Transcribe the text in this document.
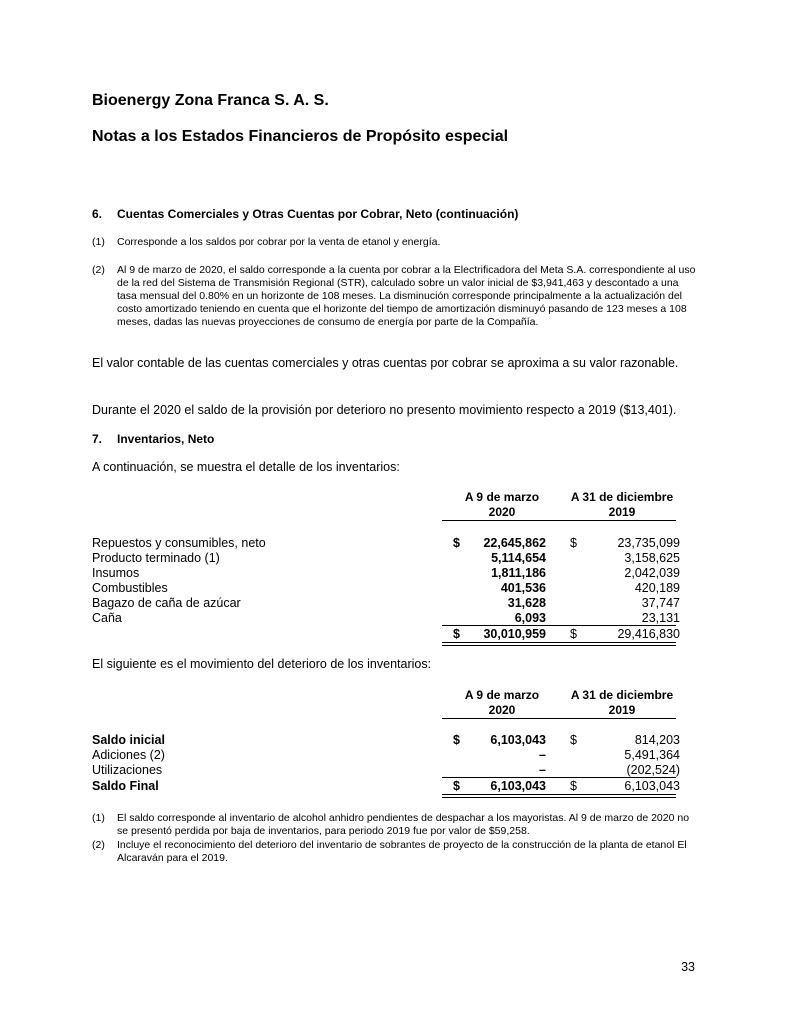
Bioenergy Zona Franca S. A. S.
Notas a los Estados Financieros de Propósito especial
6. Cuentas Comerciales y Otras Cuentas por Cobrar, Neto (continuación)
(1) Corresponde a los saldos por cobrar por la venta de etanol y energía.
(2) Al 9 de marzo de 2020, el saldo corresponde a la cuenta por cobrar a la Electrificadora del Meta S.A. correspondiente al uso de la red del Sistema de Transmisión Regional (STR), calculado sobre un valor inicial de $3,941,463 y descontado a una tasa mensual del 0.80% en un horizonte de 108 meses. La disminución corresponde principalmente a la actualización del costo amortizado teniendo en cuenta que el horizonte del tiempo de amortización disminuyó pasando de 123 meses a 108 meses, dadas las nuevas proyecciones de consumo de energía por parte de la Compañía.
El valor contable de las cuentas comerciales y otras cuentas por cobrar se aproxima a su valor razonable.
Durante el 2020 el saldo de la provisión por deterioro no presento movimiento respecto a 2019 ($13,401).
7. Inventarios, Neto
A continuación, se muestra el detalle de los inventarios:
A 9 de marzo
2020
A 31 de diciembre
2019
Repuestos y consumibles, neto	$ 22,645,862 $	23,735,099
Producto terminado (1)	5,114,654	3,158,625
Insumos	1,811,186	2,042,039
Combustibles	401,536	420,189
Bagazo de caña de azúcar	31,628	37,747
Caña	6,093	23,131
$ 30,010,959 $	29,416,830
El siguiente es el movimiento del deterioro de los inventarios:
A 9 de marzo
2020
A 31 de diciembre
2019
Saldo inicial	$ 6,103,043 $	814,203
Adiciones (2)	–	5,491,364
Utilizaciones	–	(202,524)
Saldo Final	$ 6,103,043 $	6,103,043
(1) El saldo corresponde al inventario de alcohol anhidro pendientes de despachar a los mayoristas. Al 9 de marzo de 2020 no se presentó perdida por baja de inventarios, para periodo 2019 fue por valor de $59,258.
(2) Incluye el reconocimiento del deterioro del inventario de sobrantes de proyecto de la construcción de la planta de etanol El Alcaraván para el 2019.
33
